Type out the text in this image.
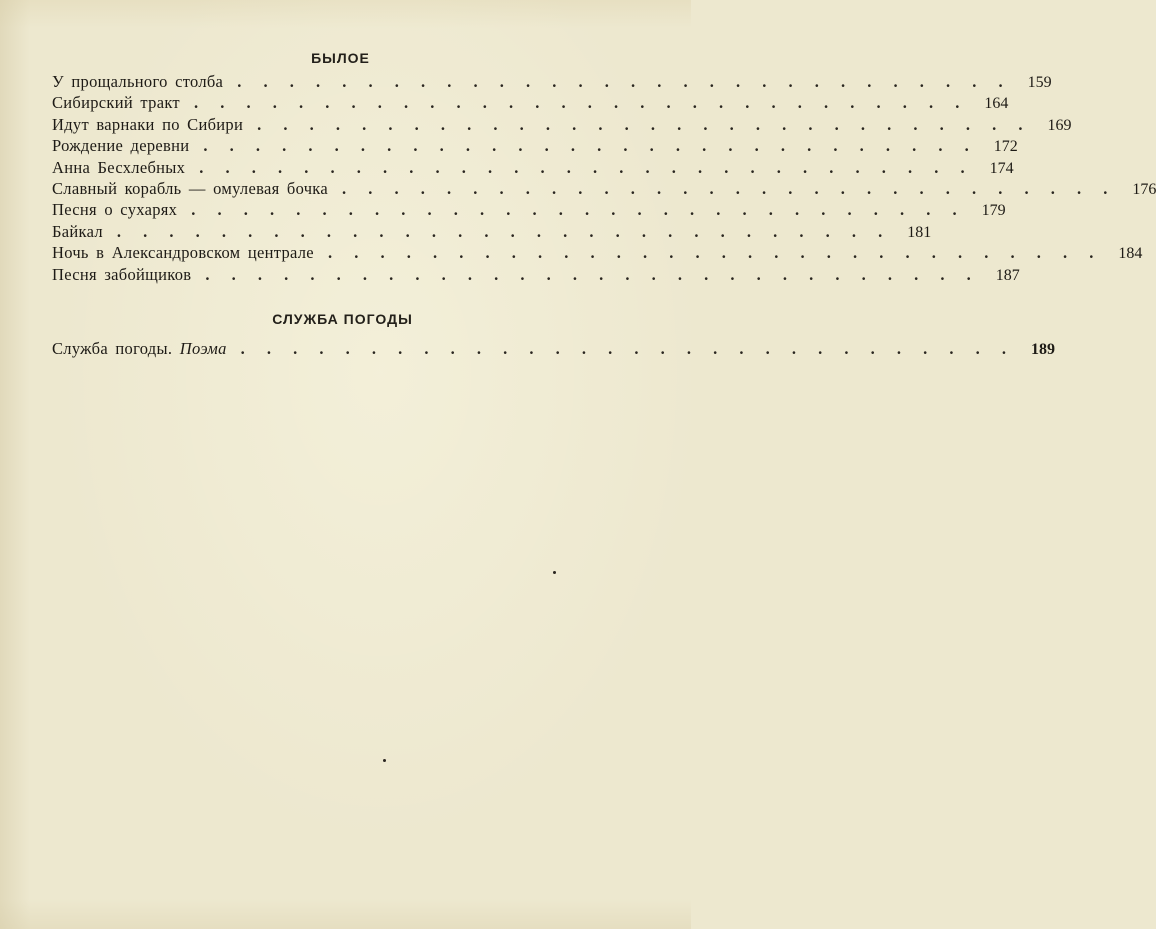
БЫЛОЕ
У прощального столба . . . . . . . . . . . . . . . . . . . . . . . . . . . . . .	159
Сибирский тракт . . . . . . . . . . . . . . . . . . . . . . . . . . . . . .	164
Идут варнаки по Сибири . . . . . . . . . . . . . . . . . . . . . . . . . . . . . .	169
Рождение деревни . . . . . . . . . . . . . . . . . . . . . . . . . . . . . .	172
Анна Бесхлебных . . . . . . . . . . . . . . . . . . . . . . . . . . . . . .	174
Славный корабль — омулевая бочка . . . . . . . . . . . . . . . . . . . . . . . . . . . . . .	176
Песня о сухарях . . . . . . . . . . . . . . . . . . . . . . . . . . . . . .	179
Байкал . . . . . . . . . . . . . . . . . . . . . . . . . . . . . .	181
Ночь в Александровском централе . . . . . . . . . . . . . . . . . . . . . . . . . . . . . .	184
Песня забойщиков . . . . . . . . . . . . . . . . . . . . . . . . . . . . . .	187
СЛУЖБА ПОГОДЫ
Служба погоды. Поэма . . . . . . . . . . . . . . . . . . . . . . . . . . . . . .	189
